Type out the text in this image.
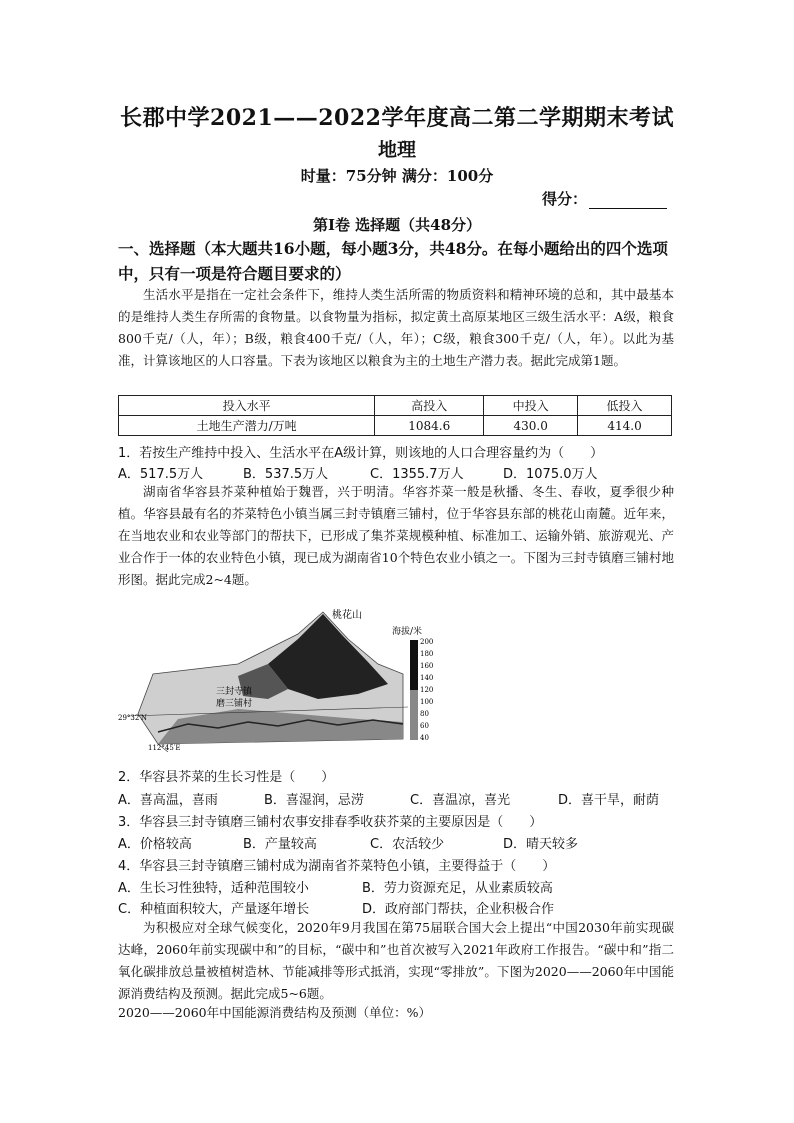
长郡中学2021——2022学年度高二第二学期期末考试
地理
时量：75分钟 满分：100分
得分：
第Ⅰ卷 选择题（共48分）
一、选择题（本大题共16小题，每小题3分，共48分。在每小题给出的四个选项中，只有一项是符合题目要求的）
生活水平是指在一定社会条件下，维持人类生活所需的物质资料和精神环境的总和，其中最基本的是维持人类生存所需的食物量。以食物量为指标，拟定黄土高原某地区三级生活水平：A级，粮食800千克/（人，年）；B级，粮食400千克/（人，年）；C级，粮食300千克/（人，年）。以此为基准，计算该地区的人口容量。下表为该地区以粮食为主的土地生产潜力表。据此完成第1题。
投入水平	高投入	中投入	低投入
土地生产潜力/万吨	1084.6	430.0	414.0
1．若按生产维持中投入、生活水平在A级计算，则该地的人口合理容量约为（　　）
A．517.5万人	B．537.5万人	C．1355.7万人	D．1075.0万人
湖南省华容县芥菜种植始于魏晋，兴于明清。华容芥菜一般是秋播、冬生、春收，夏季很少种植。华容县最有名的芥菜特色小镇当属三封寺镇磨三铺村，位于华容县东部的桃花山南麓。近年来，在当地农业和农业等部门的帮扶下，已形成了集芥菜规模种植、标准加工、运输外销、旅游观光、产业合作于一体的农业特色小镇，现已成为湖南省10个特色农业小镇之一。下图为三封寺镇磨三铺村地形图。据此完成2~4题。
桃花山
海拔/米
200
180
160
140
120
100
80
60
40
三封寺镇
磨三铺村
29°32′N
112°45′E
2．华容县芥菜的生长习性是（　　）
A．喜高温，喜雨	B．喜湿润，忌涝	C．喜温凉，喜光	D．喜干旱，耐荫
3．华容县三封寺镇磨三铺村农事安排春季收获芥菜的主要原因是（　　）
A．价格较高	B．产量较高	C．农活较少	D．晴天较多
4．华容县三封寺镇磨三铺村成为湖南省芥菜特色小镇，主要得益于（　　）
A．生长习性独特，适种范围较小	B．劳力资源充足，从业素质较高
C．种植面积较大，产量逐年增长	D．政府部门帮扶，企业积极合作
为积极应对全球气候变化，2020年9月我国在第75届联合国大会上提出“中国2030年前实现碳达峰，2060年前实现碳中和”的目标，“碳中和”也首次被写入2021年政府工作报告。“碳中和”指二氧化碳排放总量被植树造林、节能减排等形式抵消，实现“零排放”。下图为2020——2060年中国能源消费结构及预测。据此完成5~6题。
2020——2060年中国能源消费结构及预测（单位：%）
